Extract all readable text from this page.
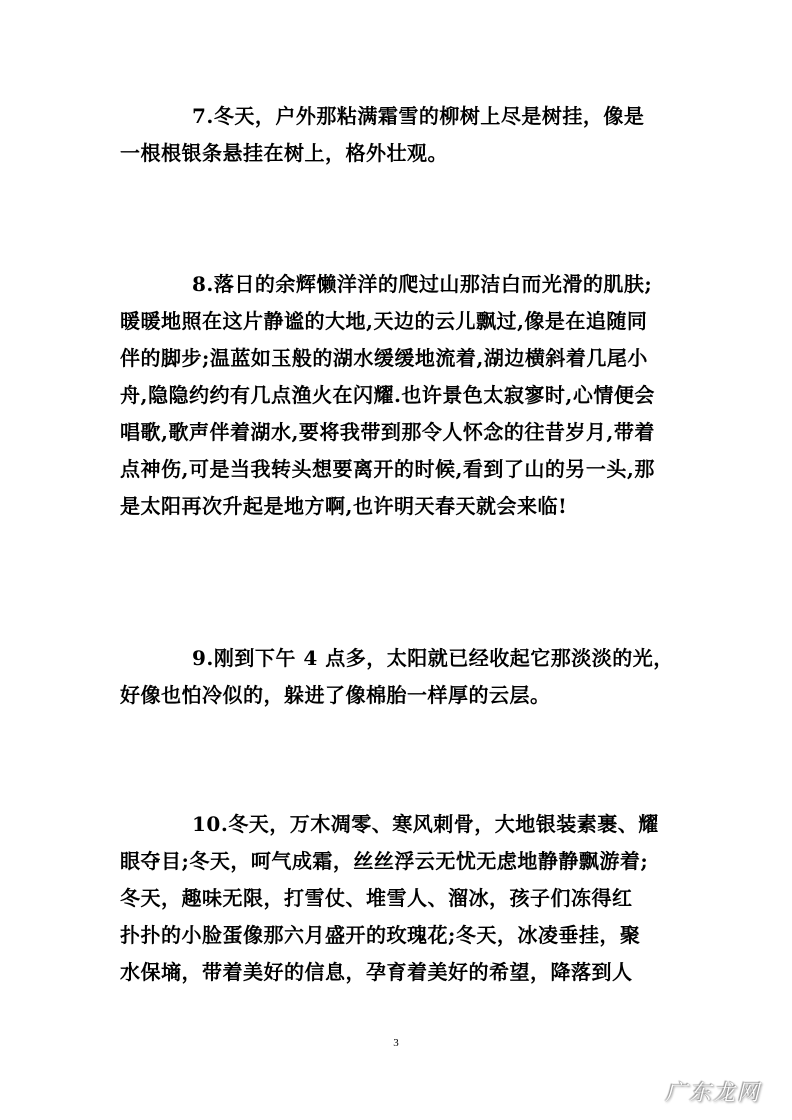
7.冬天，户外那粘满霜雪的柳树上尽是树挂，像是
一根根银条悬挂在树上，格外壮观。
8.落日的余辉懒洋洋的爬过山那洁白而光滑的肌肤;
暖暖地照在这片静谧的大地,天边的云儿飘过,像是在追随同
伴的脚步;温蓝如玉般的湖水缓缓地流着,湖边横斜着几尾小
舟,隐隐约约有几点渔火在闪耀.也许景色太寂寥时,心情便会
唱歌,歌声伴着湖水,要将我带到那令人怀念的往昔岁月,带着
点神伤,可是当我转头想要离开的时候,看到了山的另一头,那
是太阳再次升起是地方啊,也许明天春天就会来临!
9.刚到下午 4 点多，太阳就已经收起它那淡淡的光，
好像也怕冷似的，躲进了像棉胎一样厚的云层。
10.冬天，万木凋零、寒风刺骨，大地银装素裹、耀
眼夺目;冬天，呵气成霜，丝丝浮云无忧无虑地静静飘游着;
冬天，趣味无限，打雪仗、堆雪人、溜冰，孩子们冻得红
扑扑的小脸蛋像那六月盛开的玫瑰花;冬天，冰凌垂挂，聚
水保墒，带着美好的信息，孕育着美好的希望，降落到人
3
广东龙网
